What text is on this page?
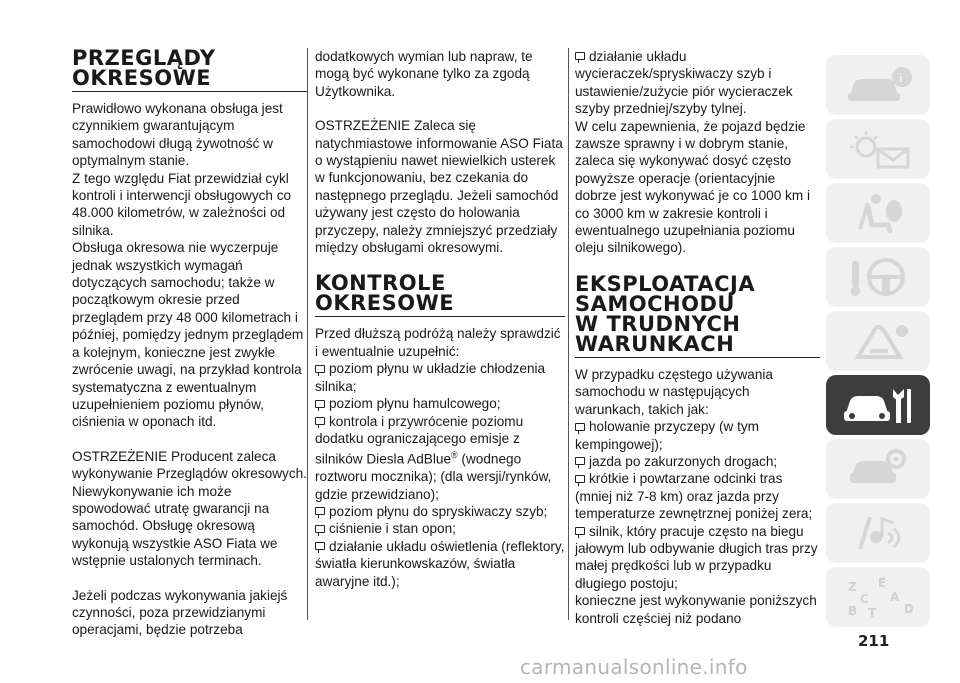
PRZEGLĄDY
OKRESOWE

Prawidłowo wykonana obsługa jest czynnikiem gwarantującym samochodowi długą żywotność w optymalnym stanie.

Z tego względu Fiat przewidział cykl kontroli i interwencji obsługowych co 48.000 kilometrów, w zależności od silnika.

Obsługa okresowa nie wyczerpuje jednak wszystkich wymagań dotyczących samochodu; także w początkowym okresie przed przeglądem przy 48 000 kilometrach i później, pomiędzy jednym przeglądem a kolejnym, konieczne jest zwykłe zwrócenie uwagi, na przykład kontrola systematyczna z ewentualnym uzupełnieniem poziomu płynów, ciśnienia w oponach itd.

OSTRZEŻENIE Producent zaleca wykonywanie Przeglądów okresowych. Niewykonywanie ich może spowodować utratę gwarancji na samochód. Obsługę okresową wykonują wszystkie ASO Fiata we wstępnie ustalonych terminach.

Jeżeli podczas wykonywania jakiejś czynności, poza przewidzianymi operacjami, będzie potrzeba

dodatkowych wymian lub napraw, te mogą być wykonane tylko za zgodą Użytkownika.

OSTRZEŻENIE Zaleca się natychmiastowe informowanie ASO Fiata o wystąpieniu nawet niewielkich usterek w funkcjonowaniu, bez czekania do następnego przeglądu. Jeżeli samochód używany jest często do holowania przyczepy, należy zmniejszyć przedziały między obsługami okresowymi.

KONTROLE
OKRESOWE

Przed dłuższą podróżą należy sprawdzić i ewentualnie uzupełnić:

poziom płynu w układzie chłodzenia silnika;

poziom płynu hamulcowego;

kontrola i przywrócenie poziomu dodatku ograniczającego emisje z silników Diesla AdBlue® (wodnego roztworu mocznika); (dla wersji/rynków, gdzie przewidziano);

poziom płynu do spryskiwaczy szyb;

ciśnienie i stan opon;

działanie układu oświetlenia (reflektory, światła kierunkowskazów, światła awaryjne itd.);

działanie układu wycieraczek/spryskiwaczy szyb i ustawienie/zużycie piór wycieraczek szyby przedniej/szyby tylnej.

W celu zapewnienia, że pojazd będzie zawsze sprawny i w dobrym stanie, zaleca się wykonywać dosyć często powyższe operacje (orientacyjnie dobrze jest wykonywać je co 1000 km i co 3000 km w zakresie kontroli i ewentualnego uzupełniania poziomu oleju silnikowego).

EKSPLOATACJA
SAMOCHODU
W TRUDNYCH
WARUNKACH

W przypadku częstego używania samochodu w następujących warunkach, takich jak:

holowanie przyczepy (w tym kempingowej);

jazda po zakurzonych drogach;

krótkie i powtarzane odcinki tras (mniej niż 7-8 km) oraz jazda przy temperaturze zewnętrznej poniżej zera;

silnik, który pracuje często na biegu jałowym lub odbywanie długich tras przy małej prędkości lub w przypadku długiego postoju;

konieczne jest wykonywanie poniższych kontroli częściej niż podano

i
Z E
A
C
D
T
B
211
carmanualsonline.info
